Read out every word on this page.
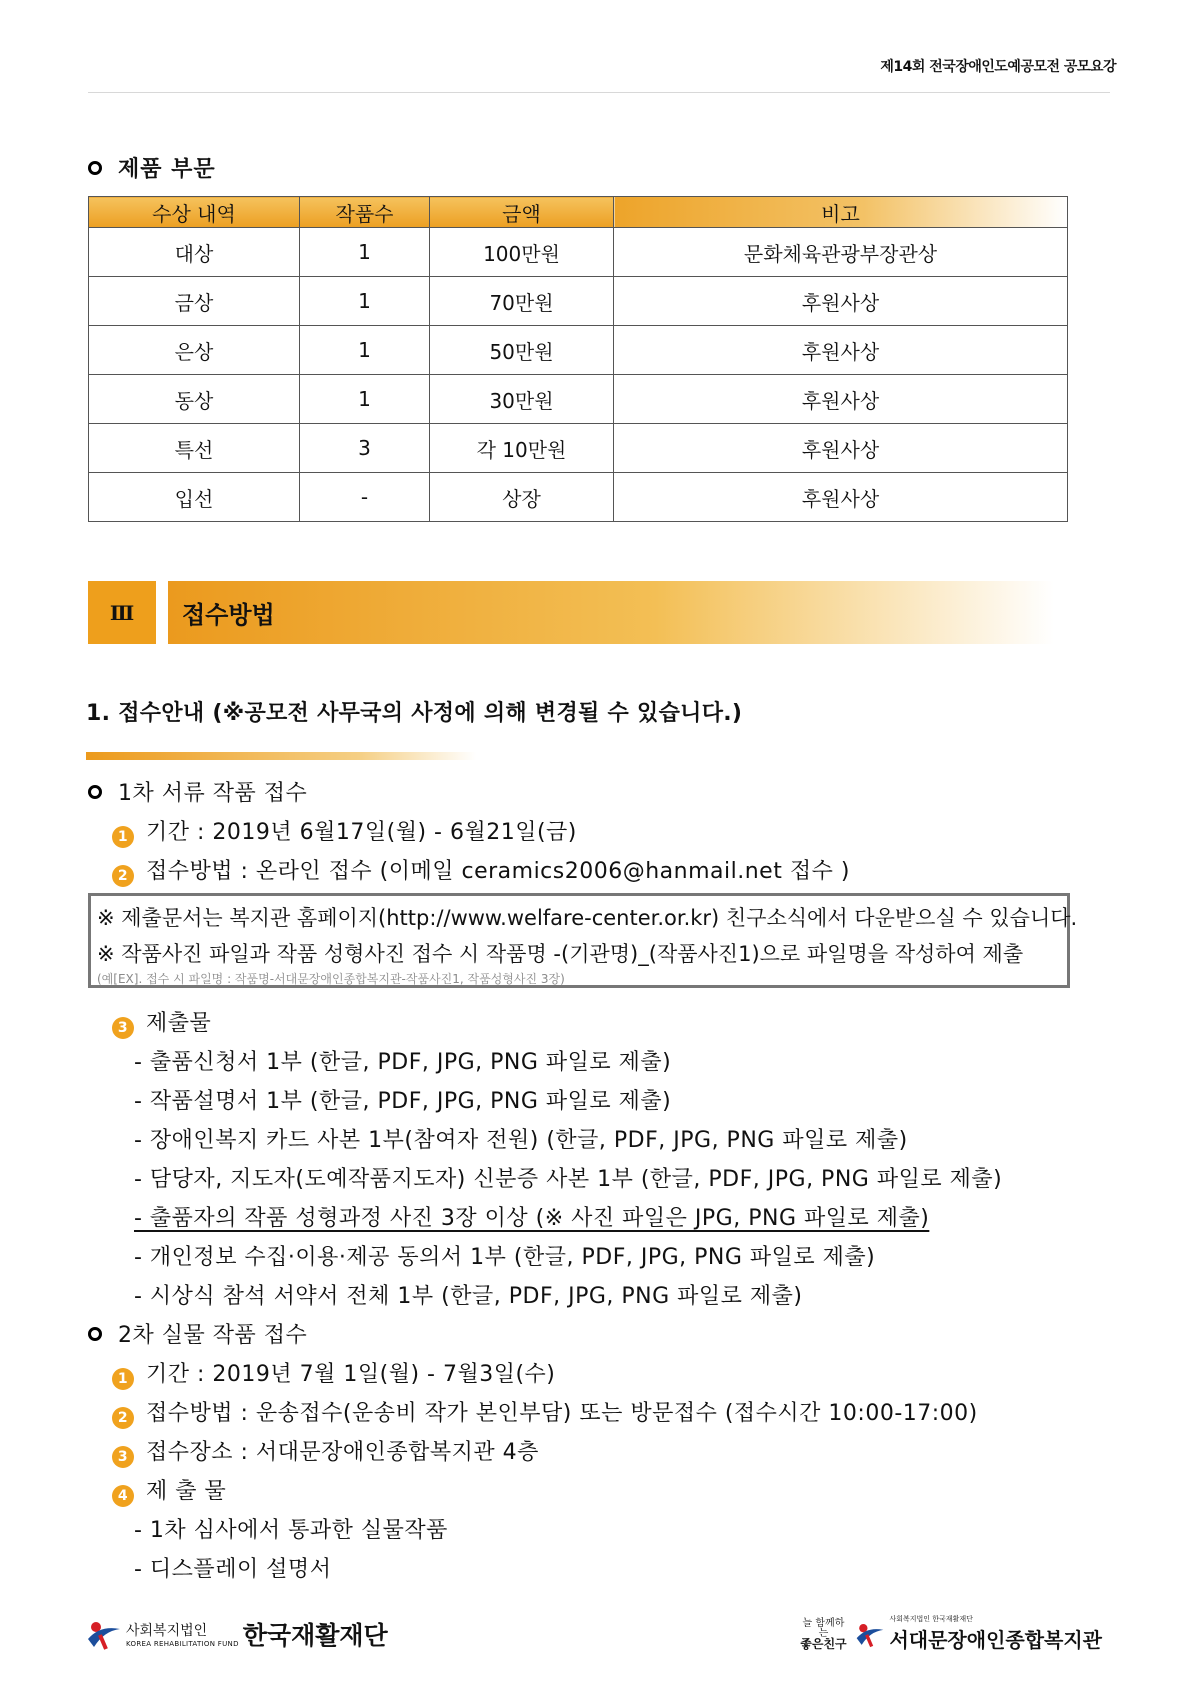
제14회 전국장애인도예공모전 공모요강
제품 부문
수상 내역	작품수	금액	비고
대상	1	100만원	문화체육관광부장관상
금상	1	70만원	후원사상
은상	1	50만원	후원사상
동상	1	30만원	후원사상
특선	3	각 10만원	후원사상
입선	-	상장	후원사상
Ⅲ	접수방법
1. 접수안내 (※공모전 사무국의 사정에 의해 변경될 수 있습니다.)
1차 서류 작품 접수
1 기간 : 2019년 6월17일(월) - 6월21일(금)
2 접수방법 : 온라인 접수 (이메일 ceramics2006@hanmail.net 접수 )
※ 제출문서는 복지관 홈페이지(http://www.welfare-center.or.kr) 친구소식에서 다운받으실 수 있습니다.
※ 작품사진 파일과 작품 성형사진 접수 시 작품명 -(기관명)_(작품사진1)으로 파일명을 작성하여 제출
(예[EX]. 접수 시 파일명 : 작품명-서대문장애인종합복지관-작품사진1, 작품성형사진 3장)
3 제출물
- 출품신청서 1부 (한글, PDF, JPG, PNG 파일로 제출)
- 작품설명서 1부 (한글, PDF, JPG, PNG 파일로 제출)
- 장애인복지 카드 사본 1부(참여자 전원) (한글, PDF, JPG, PNG 파일로 제출)
- 담당자, 지도자(도예작품지도자) 신분증 사본 1부 (한글, PDF, JPG, PNG 파일로 제출)
- 출품자의 작품 성형과정 사진 3장 이상 (※ 사진 파일은 JPG, PNG 파일로 제출)
- 개인정보 수집·이용·제공 동의서 1부 (한글, PDF, JPG, PNG 파일로 제출)
- 시상식 참석 서약서 전체 1부 (한글, PDF, JPG, PNG 파일로 제출)
2차 실물 작품 접수
1 기간 : 2019년 7월 1일(월) - 7월3일(수)
2 접수방법 : 운송접수(운송비 작가 본인부담) 또는 방문접수 (접수시간 10:00-17:00)
3 접수장소 : 서대문장애인종합복지관 4층
4 제 출 물
- 1차 심사에서 통과한 실물작품
- 디스플레이 설명서
사회복지법인
KOREA REHABILITATION FUND 한국재활재단	늘 함께하는
좋은친구
사회복지법인 한국재활재단
서대문장애인종합복지관
